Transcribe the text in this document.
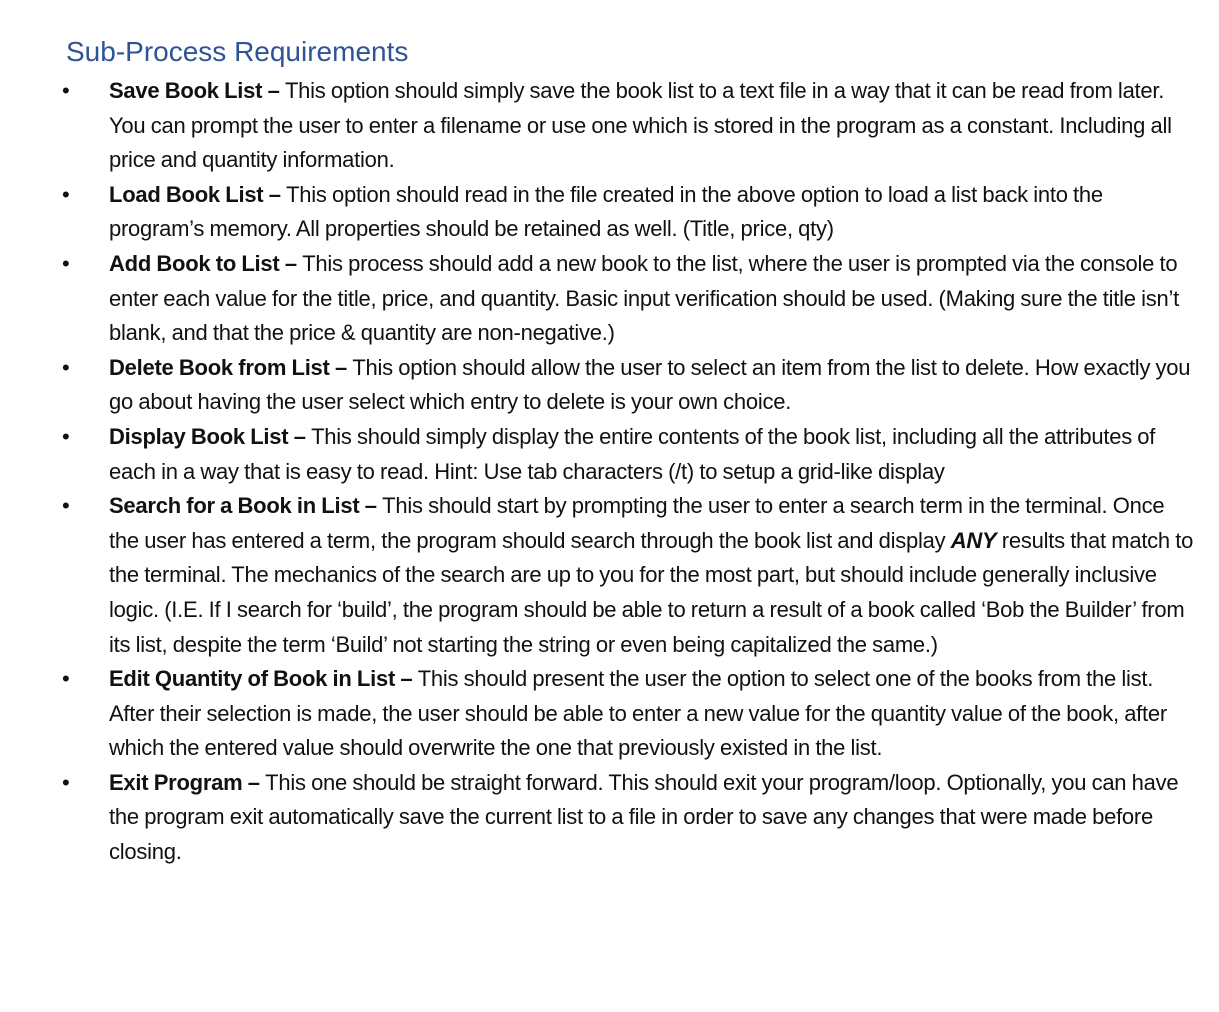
Sub-Process Requirements
• Save Book List – This option should simply save the book list to a text file in a way that it can be read from later. You can prompt the user to enter a filename or use one which is stored in the program as a constant. Including all price and quantity information.
• Load Book List – This option should read in the file created in the above option to load a list back into the program’s memory. All properties should be retained as well. (Title, price, qty)
• Add Book to List – This process should add a new book to the list, where the user is prompted via the console to enter each value for the title, price, and quantity. Basic input verification should be used. (Making sure the title isn’t blank, and that the price & quantity are non-negative.)
• Delete Book from List – This option should allow the user to select an item from the list to delete. How exactly you go about having the user select which entry to delete is your own choice.
• Display Book List – This should simply display the entire contents of the book list, including all the attributes of each in a way that is easy to read. Hint: Use tab characters (/t) to setup a grid-like display
• Search for a Book in List – This should start by prompting the user to enter a search term in the terminal. Once the user has entered a term, the program should search through the book list and display ANY results that match to the terminal. The mechanics of the search are up to you for the most part, but should include generally inclusive logic. (I.E. If I search for ‘build’, the program should be able to return a result of a book called ‘Bob the Builder’ from its list, despite the term ‘Build’ not starting the string or even being capitalized the same.)
• Edit Quantity of Book in List – This should present the user the option to select one of the books from the list. After their selection is made, the user should be able to enter a new value for the quantity value of the book, after which the entered value should overwrite the one that previously existed in the list.
• Exit Program – This one should be straight forward. This should exit your program/loop. Optionally, you can have the program exit automatically save the current list to a file in order to save any changes that were made before closing.
